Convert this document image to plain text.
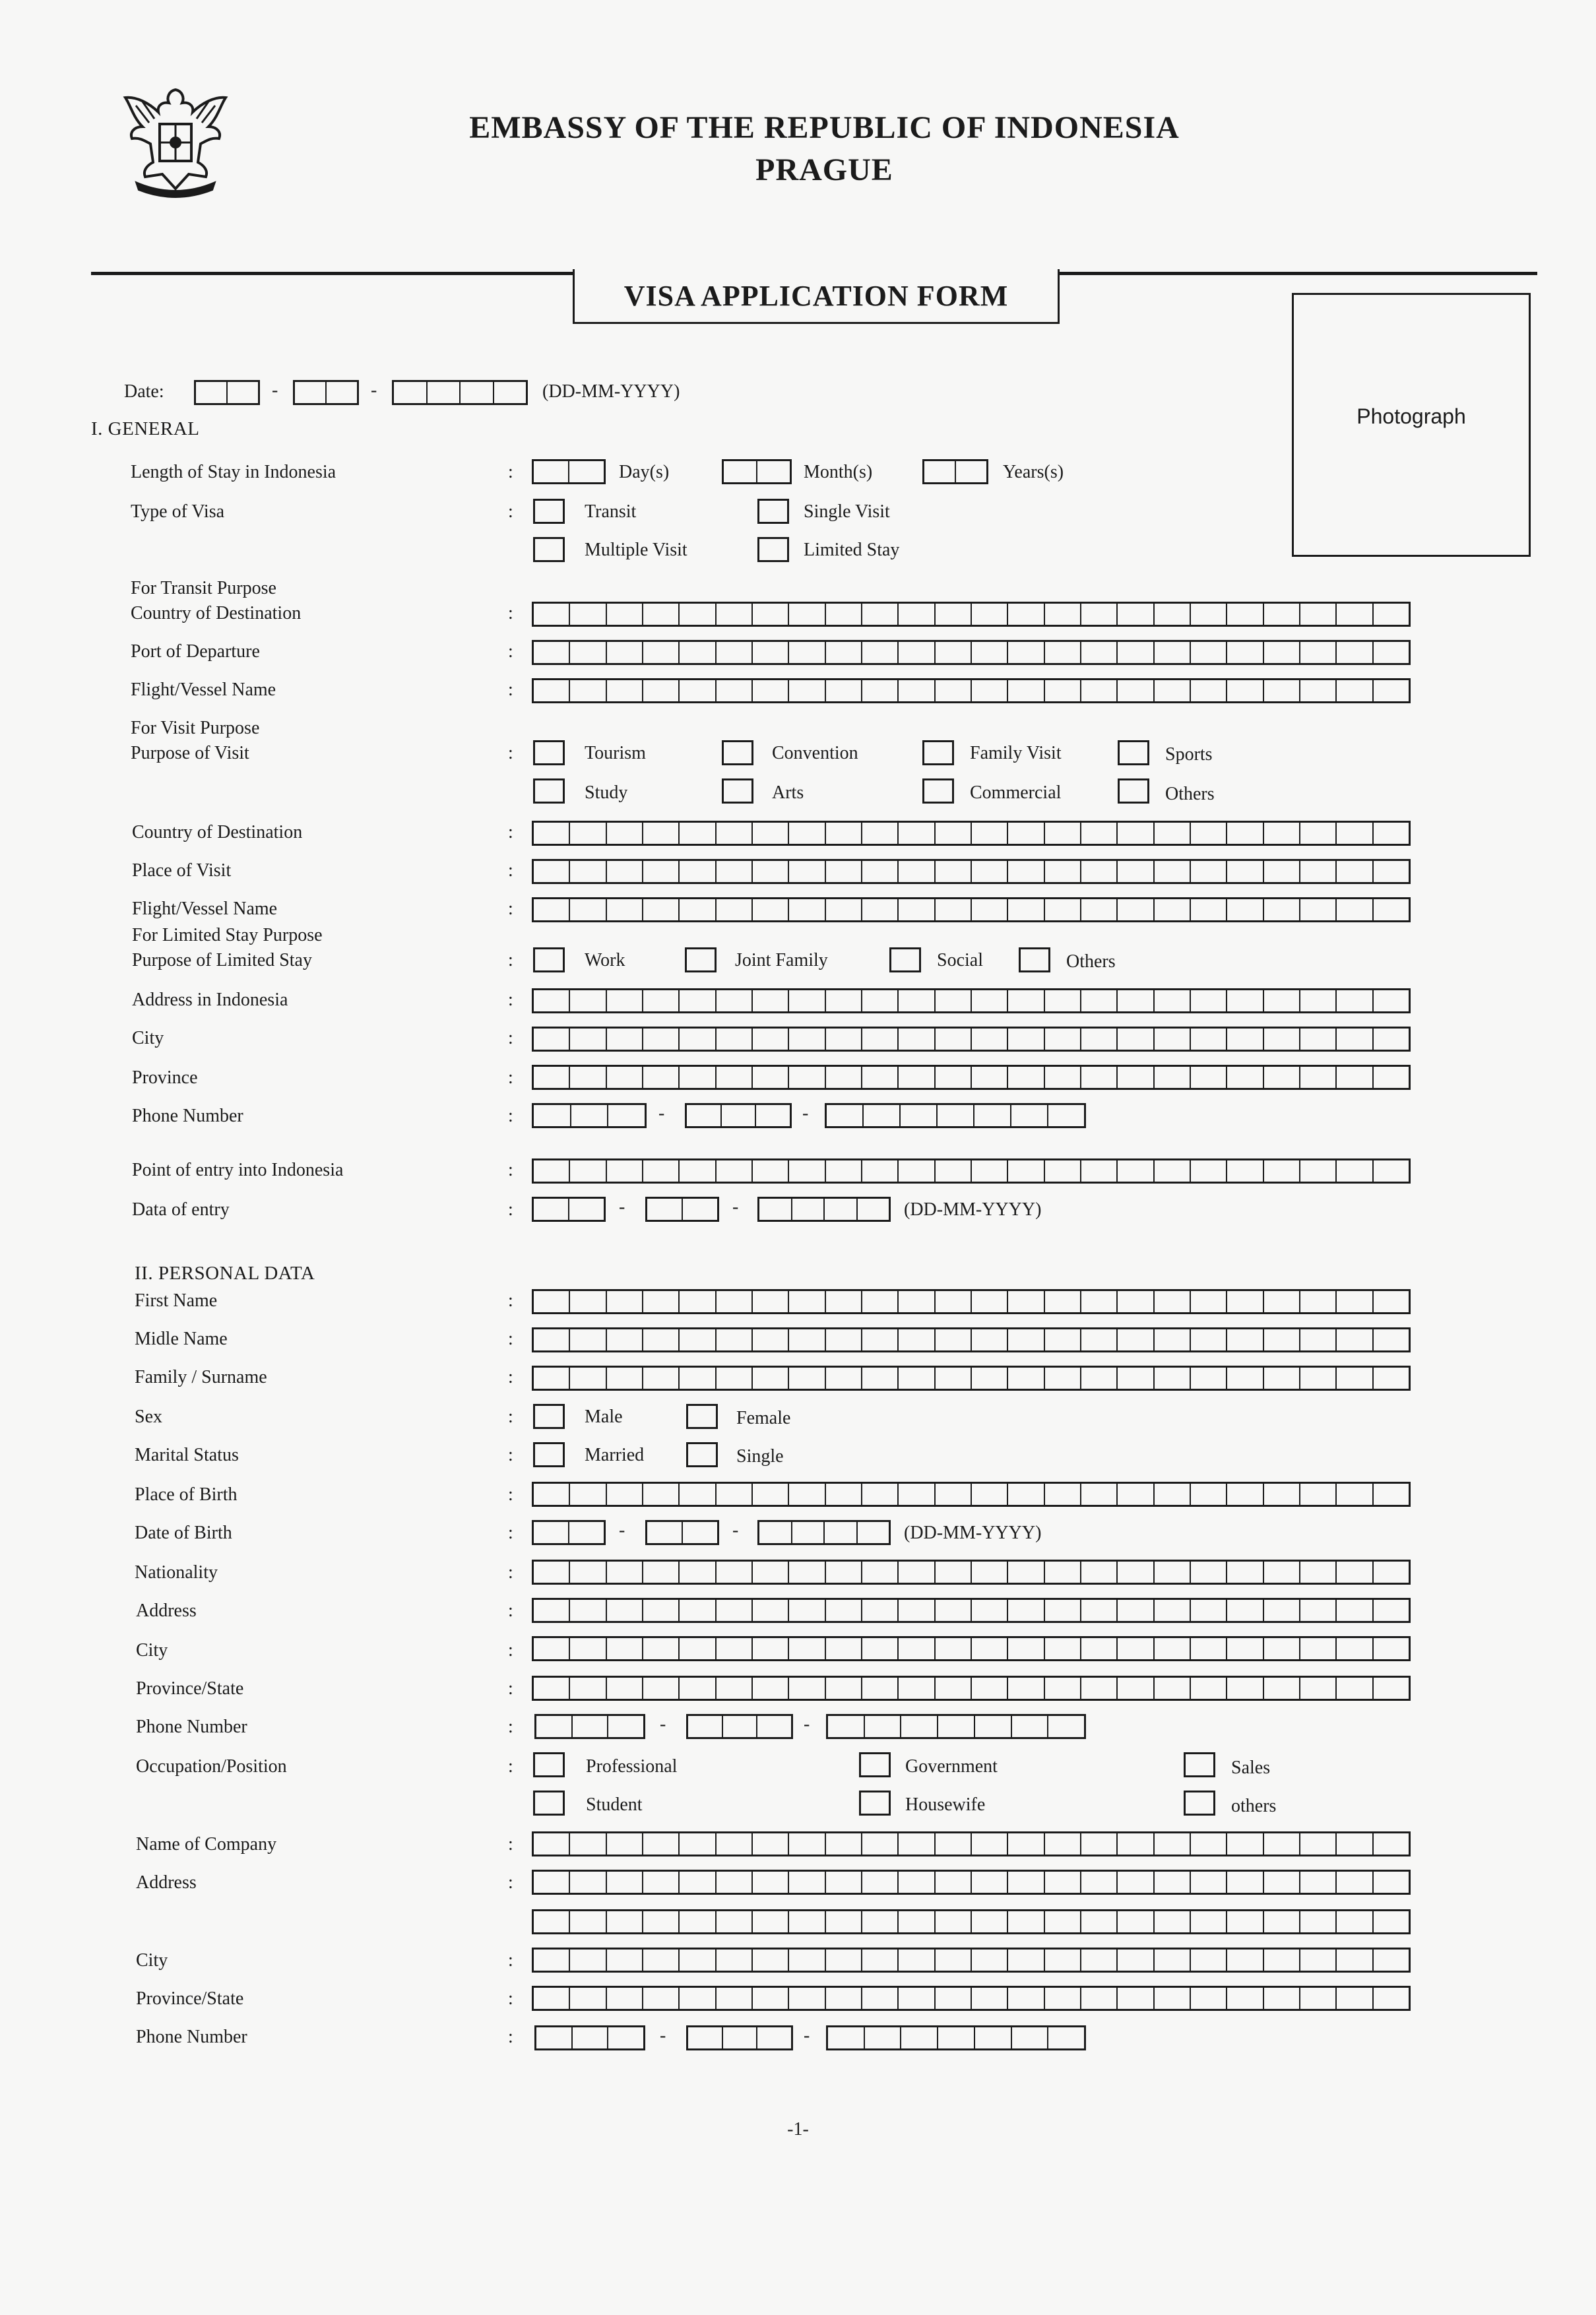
EMBASSY OF THE REPUBLIC OF INDONESIA
PRAGUE
VISA APPLICATION FORM
Photograph
Date:	-	-	(DD-MM-YYYY)
I. GENERAL
Length of Stay in Indonesia	:	Day(s)	Month(s)	Years(s)
Type of Visa	:	Transit	Single Visit
Multiple Visit	Limited Stay
For Transit Purpose
Country of Destination	:
Port of Departure	:
Flight/Vessel Name	:
For Visit Purpose
Purpose of Visit	:	Tourism	Convention	Family Visit	Sports
Study	Arts	Commercial	Others
Country of Destination	:
Place of Visit	:
Flight/Vessel Name	:
For Limited Stay Purpose
Purpose of Limited Stay	:	Work	Joint Family	Social	Others
Address in Indonesia	:
City	:
Province	:
Phone Number	:	-	-
Point of entry into Indonesia	:
Data of entry	:	-	-	(DD-MM-YYYY)
II. PERSONAL DATA
First Name	:
Midle Name	:
Family / Surname	:
Sex	:	Male	Female
Marital Status	:	Married	Single
Place of Birth	:
Date of Birth	:	-	-	(DD-MM-YYYY)
Nationality	:
Address	:
City	:
Province/State	:
Phone Number	:	-	-
Occupation/Position	:	Professional	Government	Sales
Student	Housewife	others
Name of Company	:
Address	:
City	:
Province/State	:
Phone Number	:	-	-
-1-
